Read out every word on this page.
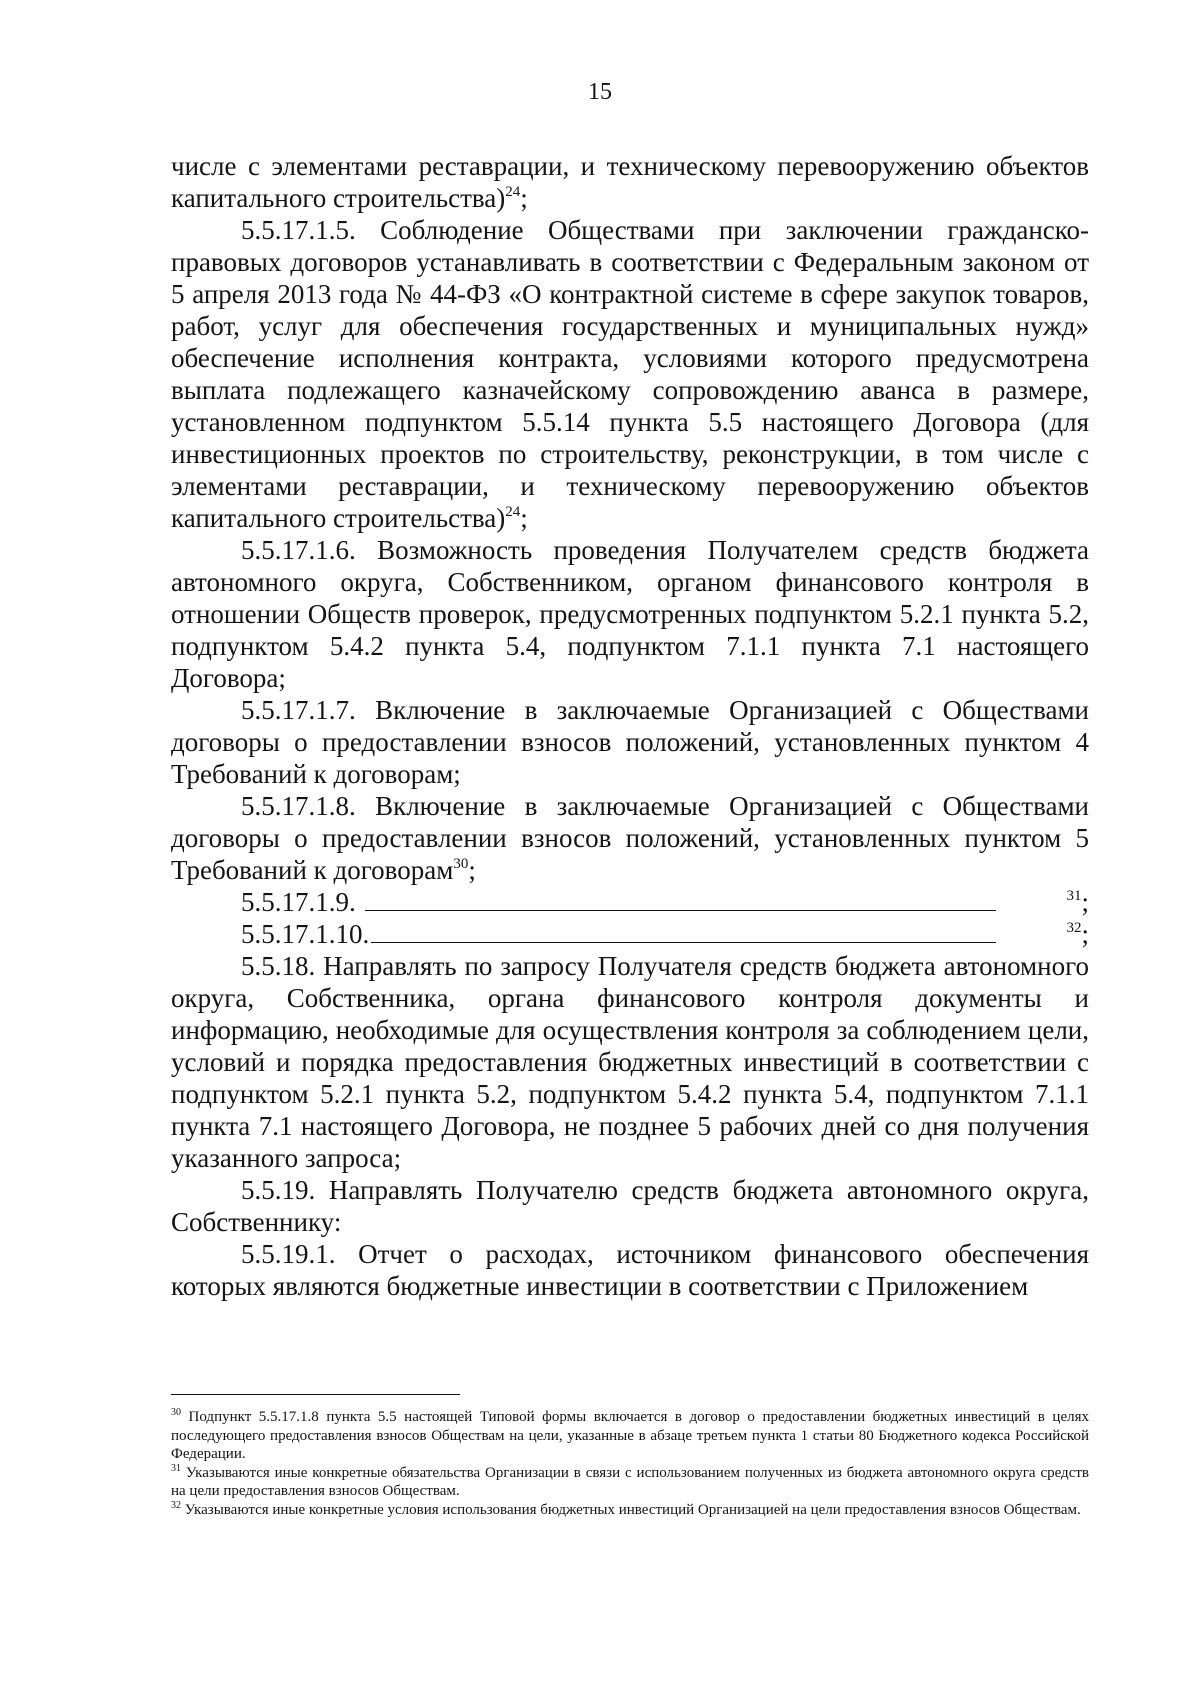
15

числе с элементами реставрации, и техническому перевооружению объектов капитального строительства)$^{24}$;

5.5.17.1.5. Соблюдение Обществами при заключении гражданско-правовых договоров устанавливать в соответствии с Федеральным законом от 5 апреля 2013 года № 44-ФЗ «О контрактной системе в сфере закупок товаров, работ, услуг для обеспечения государственных и муниципальных нужд» обеспечение исполнения контракта, условиями которого предусмотрена выплата подлежащего казначейскому сопровождению аванса в размере, установленном подпунктом 5.5.14 пункта 5.5 настоящего Договора (для инвестиционных проектов по строительству, реконструкции, в том числе с элементами реставрации, и техническому перевооружению объектов капитального строительства)$^{24}$;

5.5.17.1.6. Возможность проведения Получателем средств бюджета автономного округа, Собственником, органом финансового контроля в отношении Обществ проверок, предусмотренных подпунктом 5.2.1 пункта 5.2, подпунктом 5.4.2 пункта 5.4, подпунктом 7.1.1 пункта 7.1 настоящего Договора;

5.5.17.1.7. Включение в заключаемые Организацией с Обществами договоры о предоставлении взносов положений, установленных пунктом 4 Требований к договорам;

5.5.17.1.8. Включение в заключаемые Организацией с Обществами договоры о предоставлении взносов положений, установленных пунктом 5 Требований к договорам$^{30}$;

5.5.17.1.9.	$^{31}$;

5.5.17.1.10.	$^{32}$;

5.5.18. Направлять по запросу Получателя средств бюджета автономного округа, Собственника, органа финансового контроля документы и информацию, необходимые для осуществления контроля за соблюдением цели, условий и порядка предоставления бюджетных инвестиций в соответствии с подпунктом 5.2.1 пункта 5.2, подпунктом 5.4.2 пункта 5.4, подпунктом 7.1.1 пункта 7.1 настоящего Договора, не позднее 5 рабочих дней со дня получения указанного запроса;

5.5.19. Направлять Получателю средств бюджета автономного округа, Собственнику:

5.5.19.1. Отчет о расходах, источником финансового обеспечения которых являются бюджетные инвестиции в соответствии с Приложением

$^{30}$ Подпункт 5.5.17.1.8 пункта 5.5 настоящей Типовой формы включается в договор о предоставлении бюджетных инвестиций в целях последующего предоставления взносов Обществам на цели, указанные в абзаце третьем пункта 1 статьи 80 Бюджетного кодекса Российской Федерации.

$^{31}$ Указываются иные конкретные обязательства Организации в связи с использованием полученных из бюджета автономного округа средств на цели предоставления взносов Обществам.

$^{32}$ Указываются иные конкретные условия использования бюджетных инвестиций Организацией на цели предоставления взносов Обществам.
